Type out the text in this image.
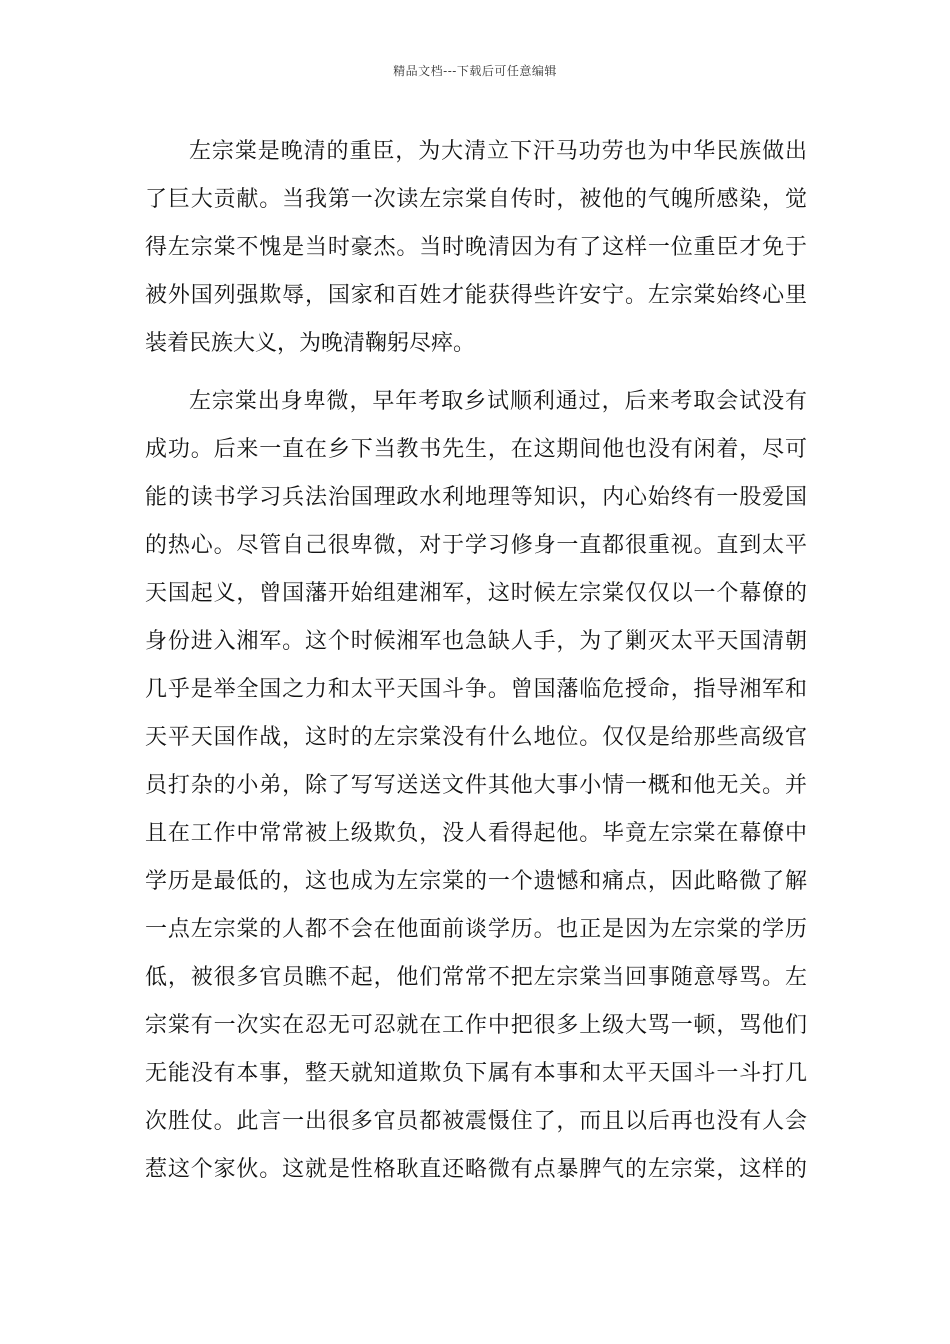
精品文档---下载后可任意编辑
左宗棠是晚清的重臣，为大清立下汗马功劳也为中华民族做出
了巨大贡献。当我第一次读左宗棠自传时，被他的气魄所感染，觉
得左宗棠不愧是当时豪杰。当时晚清因为有了这样一位重臣才免于
被外国列强欺辱，国家和百姓才能获得些许安宁。左宗棠始终心里
装着民族大义，为晚清鞠躬尽瘁。
左宗棠出身卑微，早年考取乡试顺利通过，后来考取会试没有
成功。后来一直在乡下当教书先生，在这期间他也没有闲着，尽可
能的读书学习兵法治国理政水利地理等知识，内心始终有一股爱国
的热心。尽管自己很卑微，对于学习修身一直都很重视。直到太平
天国起义，曾国藩开始组建湘军，这时候左宗棠仅仅以一个幕僚的
身份进入湘军。这个时候湘军也急缺人手，为了剿灭太平天国清朝
几乎是举全国之力和太平天国斗争。曾国藩临危授命，指导湘军和
天平天国作战，这时的左宗棠没有什么地位。仅仅是给那些高级官
员打杂的小弟，除了写写送送文件其他大事小情一概和他无关。并
且在工作中常常被上级欺负，没人看得起他。毕竟左宗棠在幕僚中
学历是最低的，这也成为左宗棠的一个遗憾和痛点，因此略微了解
一点左宗棠的人都不会在他面前谈学历。也正是因为左宗棠的学历
低，被很多官员瞧不起，他们常常不把左宗棠当回事随意辱骂。左
宗棠有一次实在忍无可忍就在工作中把很多上级大骂一顿，骂他们
无能没有本事，整天就知道欺负下属有本事和太平天国斗一斗打几
次胜仗。此言一出很多官员都被震慑住了，而且以后再也没有人会
惹这个家伙。这就是性格耿直还略微有点暴脾气的左宗棠，这样的
